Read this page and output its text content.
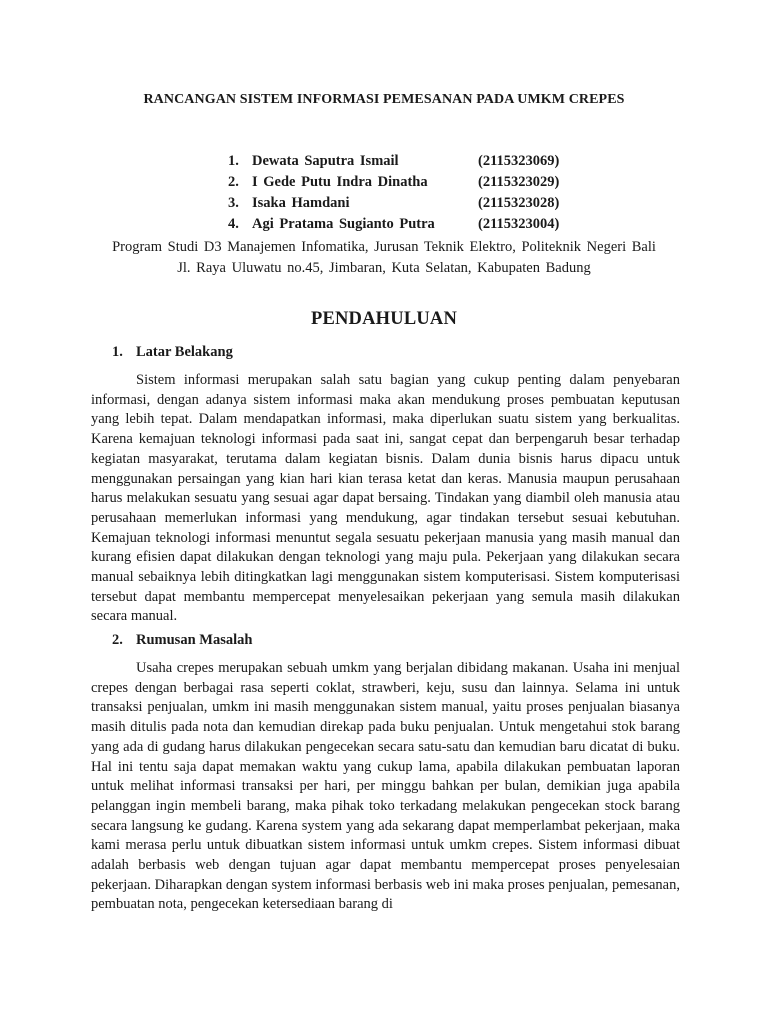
RANCANGAN SISTEM INFORMASI PEMESANAN PADA UMKM CREPES
1. Dewata Saputra Ismail	(2115323069)
2. I Gede Putu Indra Dinatha	(2115323029)
3. Isaka Hamdani	(2115323028)
4. Agi Pratama Sugianto Putra	(2115323004)
Program Studi D3 Manajemen Infomatika, Jurusan Teknik Elektro, Politeknik Negeri Bali
Jl. Raya Uluwatu no.45, Jimbaran, Kuta Selatan, Kabupaten Badung
PENDAHULUAN
1. Latar Belakang

Sistem informasi merupakan salah satu bagian yang cukup penting dalam penyebaran informasi, dengan adanya sistem informasi maka akan mendukung proses pembuatan keputusan yang lebih tepat. Dalam mendapatkan informasi, maka diperlukan suatu sistem yang berkualitas. Karena kemajuan teknologi informasi pada saat ini, sangat cepat dan berpengaruh besar terhadap kegiatan masyarakat, terutama dalam kegiatan bisnis. Dalam dunia bisnis harus dipacu untuk menggunakan persaingan yang kian hari kian terasa ketat dan keras. Manusia maupun perusahaan harus melakukan sesuatu yang sesuai agar dapat bersaing. Tindakan yang diambil oleh manusia atau perusahaan memerlukan informasi yang mendukung, agar tindakan tersebut sesuai kebutuhan. Kemajuan teknologi informasi menuntut segala sesuatu pekerjaan manusia yang masih manual dan kurang efisien dapat dilakukan dengan teknologi yang maju pula. Pekerjaan yang dilakukan secara manual sebaiknya lebih ditingkatkan lagi menggunakan sistem komputerisasi. Sistem komputerisasi tersebut dapat membantu mempercepat menyelesaikan pekerjaan yang semula masih dilakukan secara manual.

2. Rumusan Masalah

Usaha crepes merupakan sebuah umkm yang berjalan dibidang makanan. Usaha ini menjual crepes dengan berbagai rasa seperti coklat, strawberi, keju, susu dan lainnya. Selama ini untuk transaksi penjualan, umkm ini masih menggunakan sistem manual, yaitu proses penjualan biasanya masih ditulis pada nota dan kemudian direkap pada buku penjualan. Untuk mengetahui stok barang yang ada di gudang harus dilakukan pengecekan secara satu-satu dan kemudian baru dicatat di buku. Hal ini tentu saja dapat memakan waktu yang cukup lama, apabila dilakukan pembuatan laporan untuk melihat informasi transaksi per hari, per minggu bahkan per bulan, demikian juga apabila pelanggan ingin membeli barang, maka pihak toko terkadang melakukan pengecekan stock barang secara langsung ke gudang. Karena system yang ada sekarang dapat memperlambat pekerjaan, maka kami merasa perlu untuk dibuatkan sistem informasi untuk umkm crepes. Sistem informasi dibuat adalah berbasis web dengan tujuan agar dapat membantu mempercepat proses penyelesaian pekerjaan. Diharapkan dengan system informasi berbasis web ini maka proses penjualan, pemesanan, pembuatan nota, pengecekan ketersediaan barang di
